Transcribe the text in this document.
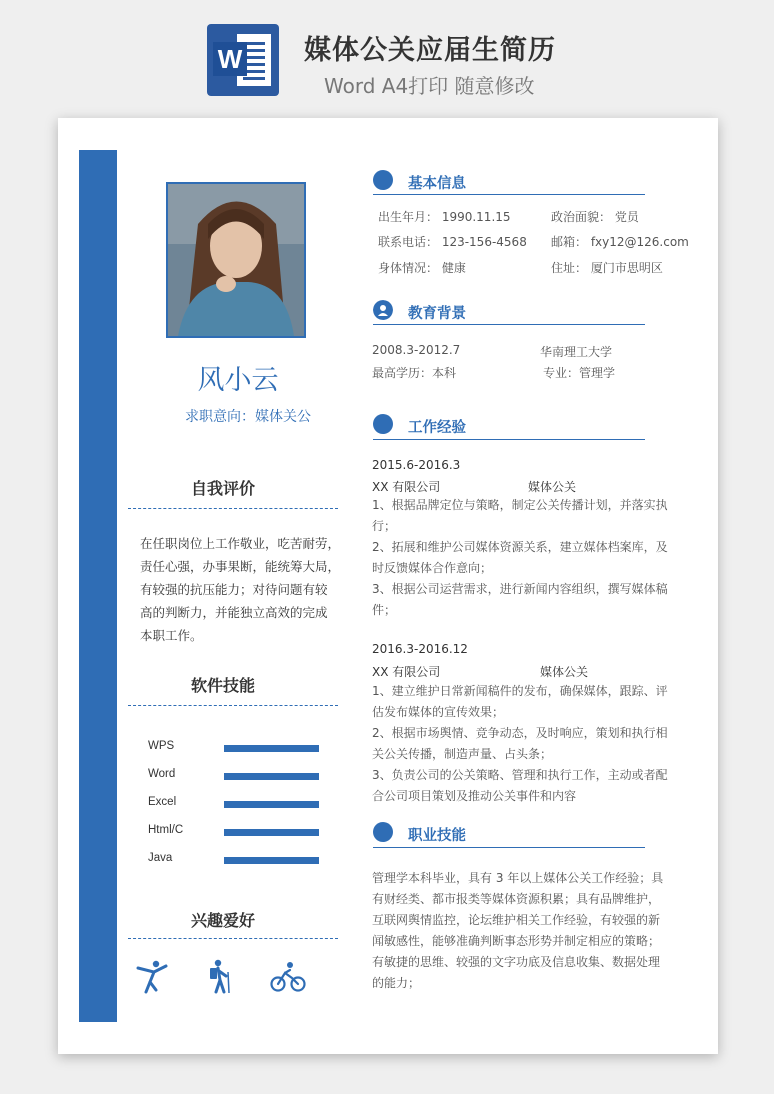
W 媒体公关应届生简历
Word A4打印 随意修改
风小云
求职意向：媒体关公
自我评价
在任职岗位上工作敬业，吃苦耐劳，
责任心强，办事果断，能统筹大局，
有较强的抗压能力；对待问题有较
高的判断力，并能独立高效的完成
本职工作。
软件技能
WPS
Word
Excel
Html/C
Java
兴趣爱好
基本信息
出生年月： 1990.11.15	政治面貌： 党员
联系电话： 123-156-4568 邮箱： fxy12@126.com
身体情况： 健康	住址： 厦门市思明区
教育背景
2008.3-2012.7	华南理工大学
最高学历：本科	专业：管理学
工作经验
2015.6-2016.3
XX 有限公司	媒体公关
1、根据品牌定位与策略，制定公关传播计划，并落实执
行；
2、拓展和维护公司媒体资源关系，建立媒体档案库，及
时反馈媒体合作意向；
3、根据公司运营需求，进行新闻内容组织，撰写媒体稿
件；
2016.3-2016.12
XX 有限公司	媒体公关
1、建立维护日常新闻稿件的发布，确保媒体，跟踪、评
估发布媒体的宣传效果；
2、根据市场舆情、竞争动态，及时响应，策划和执行相
关公关传播，制造声量、占头条；
3、负责公司的公关策略、管理和执行工作，主动或者配
合公司项目策划及推动公关事件和内容
职业技能
管理学本科毕业，具有 3 年以上媒体公关工作经验；具
有财经类、都市报类等媒体资源积累；具有品牌维护，
互联网舆情监控，论坛维护相关工作经验，有较强的新
闻敏感性，能够准确判断事态形势并制定相应的策略；
有敏捷的思维、较强的文字功底及信息收集、数据处理
的能力；
